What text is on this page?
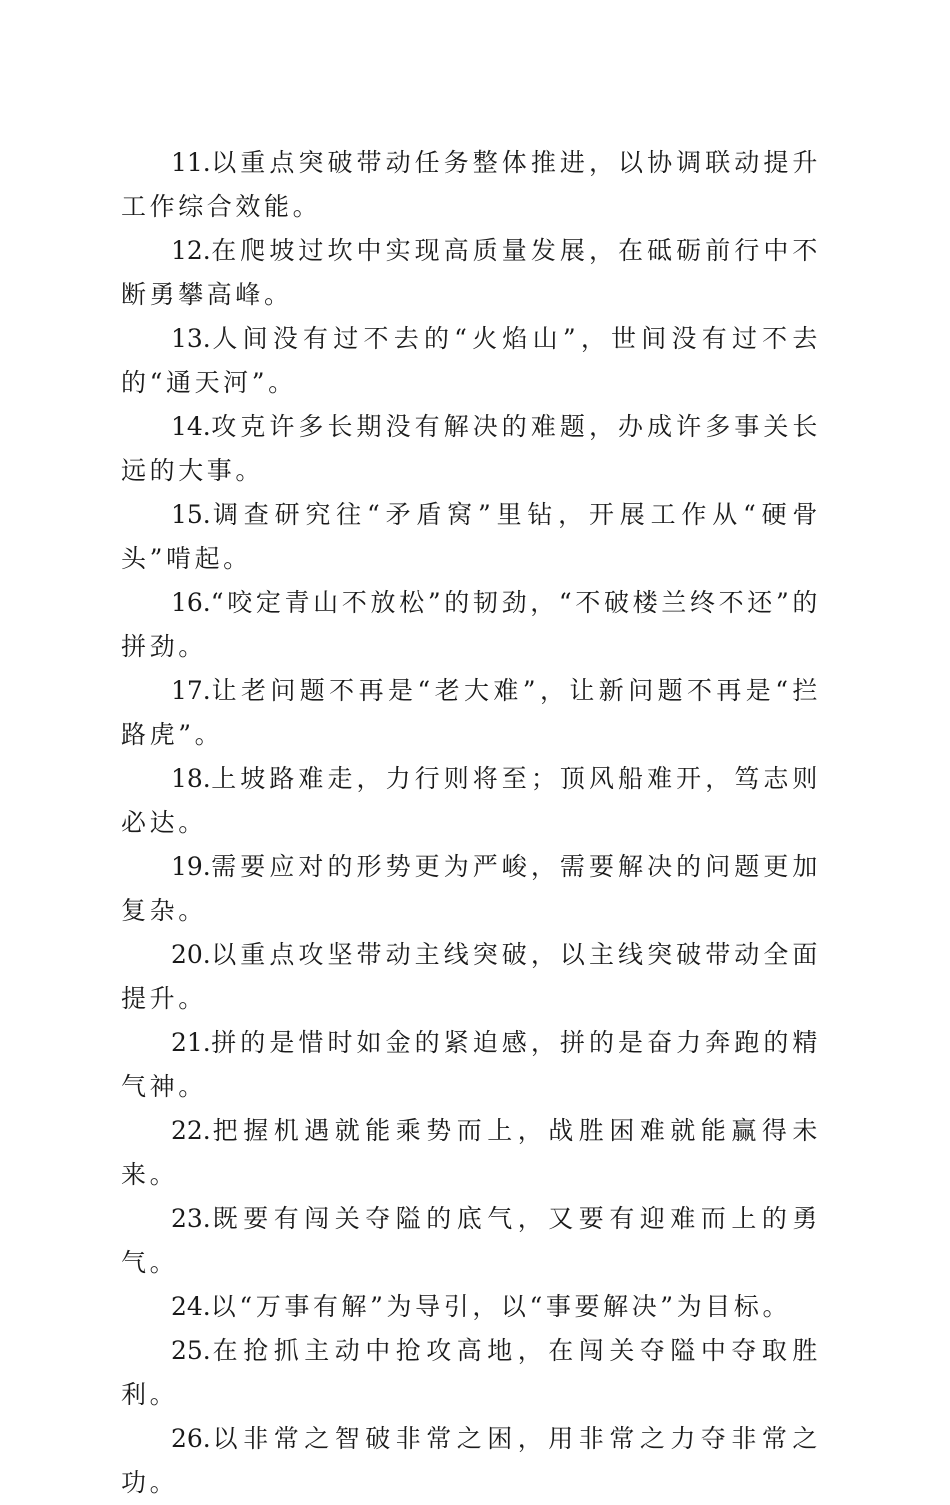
11.以重点突破带动任务整体推进，以协调联动提升工作综合效能。

12.在爬坡过坎中实现高质量发展，在砥砺前行中不断勇攀高峰。

13.人间没有过不去的“火焰山”，世间没有过不去的“通天河”。

14.攻克许多长期没有解决的难题，办成许多事关长远的大事。

15.调查研究往“矛盾窝”里钻，开展工作从“硬骨头”啃起。

16.“咬定青山不放松”的韧劲，“不破楼兰终不还”的拼劲。

17.让老问题不再是“老大难”，让新问题不再是“拦路虎”。

18.上坡路难走，力行则将至；顶风船难开，笃志则必达。

19.需要应对的形势更为严峻，需要解决的问题更加复杂。

20.以重点攻坚带动主线突破，以主线突破带动全面提升。

21.拼的是惜时如金的紧迫感，拼的是奋力奔跑的精气神。

22.把握机遇就能乘势而上，战胜困难就能赢得未来。

23.既要有闯关夺隘的底气，又要有迎难而上的勇气。

24.以“万事有解”为导引，以“事要解决”为目标。

25.在抢抓主动中抢攻高地，在闯关夺隘中夺取胜利。

26.以非常之智破非常之困，用非常之力夺非常之功。
